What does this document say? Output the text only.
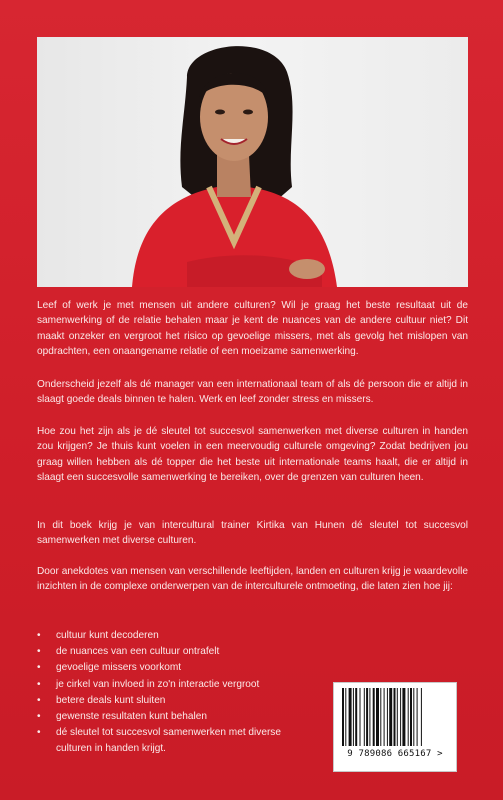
Leef of werk je met mensen uit andere culturen? Wil je graag het beste resultaat uit de samenwerking of de relatie behalen maar je kent de nuances van de andere cultuur niet? Dit maakt onzeker en vergroot het risico op gevoelige missers, met als gevolg het mislopen van opdrachten, een onaangename relatie of een moeizame samenwerking.

Onderscheid jezelf als dé manager van een internationaal team of als dé persoon die er altijd in slaagt goede deals binnen te halen. Werk en leef zonder stress en missers.

Hoe zou het zijn als je dé sleutel tot succesvol samenwerken met diverse culturen in handen zou krijgen? Je thuis kunt voelen in een meervoudig culturele omgeving? Zodat bedrijven jou graag willen hebben als dé topper die het beste uit internationale teams haalt, die er altijd in slaagt een succesvolle samenwerking te bereiken, over de grenzen van culturen heen.

In dit boek krijg je van intercultural trainer Kirtika van Hunen dé sleutel tot succesvol samenwerken met diverse culturen.

Door anekdotes van mensen van verschillende leeftijden, landen en culturen krijg je waardevolle inzichten in de complexe onderwerpen van de interculturele ontmoeting, die laten zien hoe jij:

• cultuur kunt decoderen
• de nuances van een cultuur ontrafelt
• gevoelige missers voorkomt
• je cirkel van invloed in zo'n interactie vergroot
• betere deals kunt sluiten
• gewenste resultaten kunt behalen
• dé sleutel tot succesvol samenwerken met diverse culturen in handen krijgt.	9 789086 665167 >
